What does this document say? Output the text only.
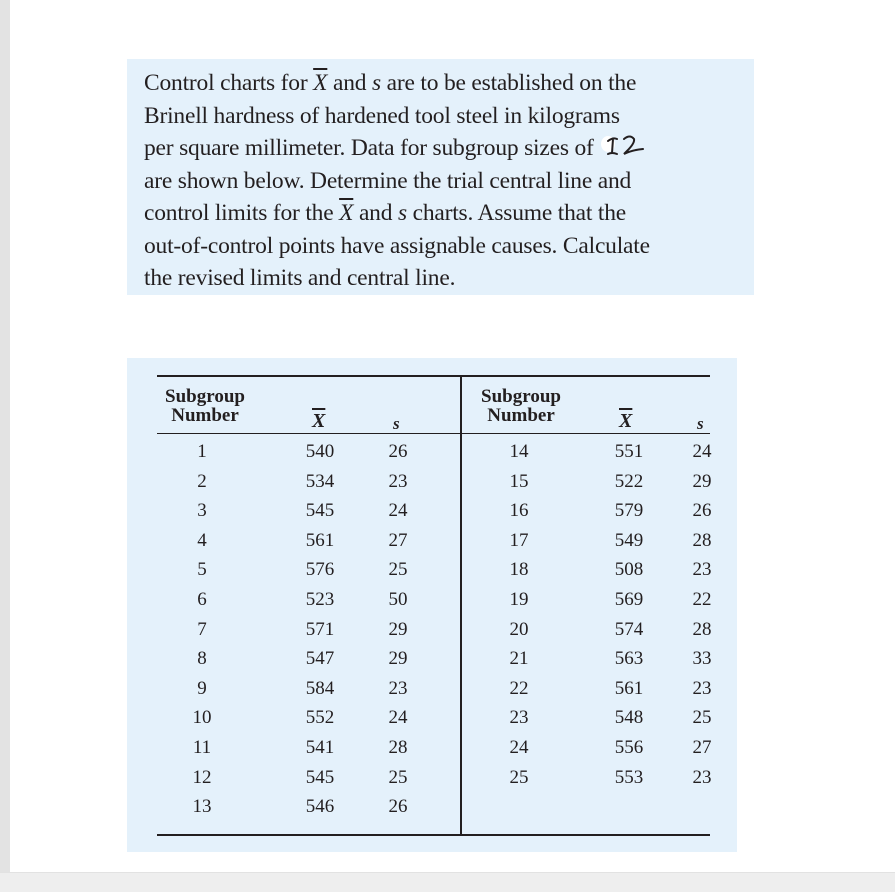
Control charts for $\overline{X}$ and s are to be established on the
Brinell hardness of hardened tool steel in kilograms
per square millimeter. Data for subgroup sizes of
are shown below. Determine the trial central line and
control limits for the $\overline{X}$ and s charts. Assume that the
out-of-control points have assignable causes. Calculate
the revised limits and central line.
Subgroup
Number	$\overline{X}$	s
Subgroup
Number	$\overline{X}$	s
1	540	26
2	534	23
3	545	24
4	561	27
5	576	25
6	523	50
7	571	29
8	547	29
9	584	23
10	552	24
11	541	28
12	545	25
13	546	26
14	551	24
15	522	29
16	579	26
17	549	28
18	508	23
19	569	22
20	574	28
21	563	33
22	561	23
23	548	25
24	556	27
25	553	23
